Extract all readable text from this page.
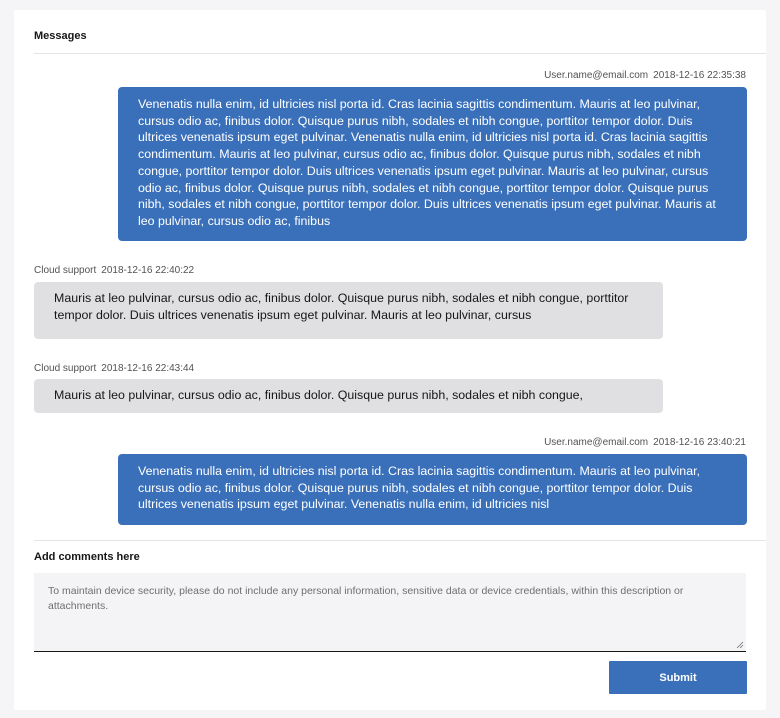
Messages
User.name@email.com 2018-12-16 22:35:38
Venenatis nulla enim, id ultricies nisl porta id. Cras lacinia sagittis condimentum. Mauris at leo pulvinar, cursus odio ac, finibus dolor. Quisque purus nibh, sodales et nibh congue, porttitor tempor dolor. Duis ultrices venenatis ipsum eget pulvinar. Venenatis nulla enim, id ultricies nisl porta id. Cras lacinia sagittis condimentum. Mauris at leo pulvinar, cursus odio ac, finibus dolor. Quisque purus nibh, sodales et nibh congue, porttitor tempor dolor. Duis ultrices venenatis ipsum eget pulvinar. Mauris at leo pulvinar, cursus odio ac, finibus dolor. Quisque purus nibh, sodales et nibh congue, porttitor tempor dolor. Quisque purus nibh, sodales et nibh congue, porttitor tempor dolor. Duis ultrices venenatis ipsum eget pulvinar. Mauris at leo pulvinar, cursus odio ac, finibus
Cloud support 2018-12-16 22:40:22
Mauris at leo pulvinar, cursus odio ac, finibus dolor. Quisque purus nibh, sodales et nibh congue, porttitor tempor dolor. Duis ultrices venenatis ipsum eget pulvinar. Mauris at leo pulvinar, cursus
Cloud support 2018-12-16 22:43:44
Mauris at leo pulvinar, cursus odio ac, finibus dolor. Quisque purus nibh, sodales et nibh congue,
User.name@email.com 2018-12-16 23:40:21
Venenatis nulla enim, id ultricies nisl porta id. Cras lacinia sagittis condimentum. Mauris at leo pulvinar, cursus odio ac, finibus dolor. Quisque purus nibh, sodales et nibh congue, porttitor tempor dolor. Duis ultrices venenatis ipsum eget pulvinar. Venenatis nulla enim, id ultricies nisl
Add comments here
To maintain device security, please do not include any personal information, sensitive data or device credentials, within this description or attachments.
Submit
